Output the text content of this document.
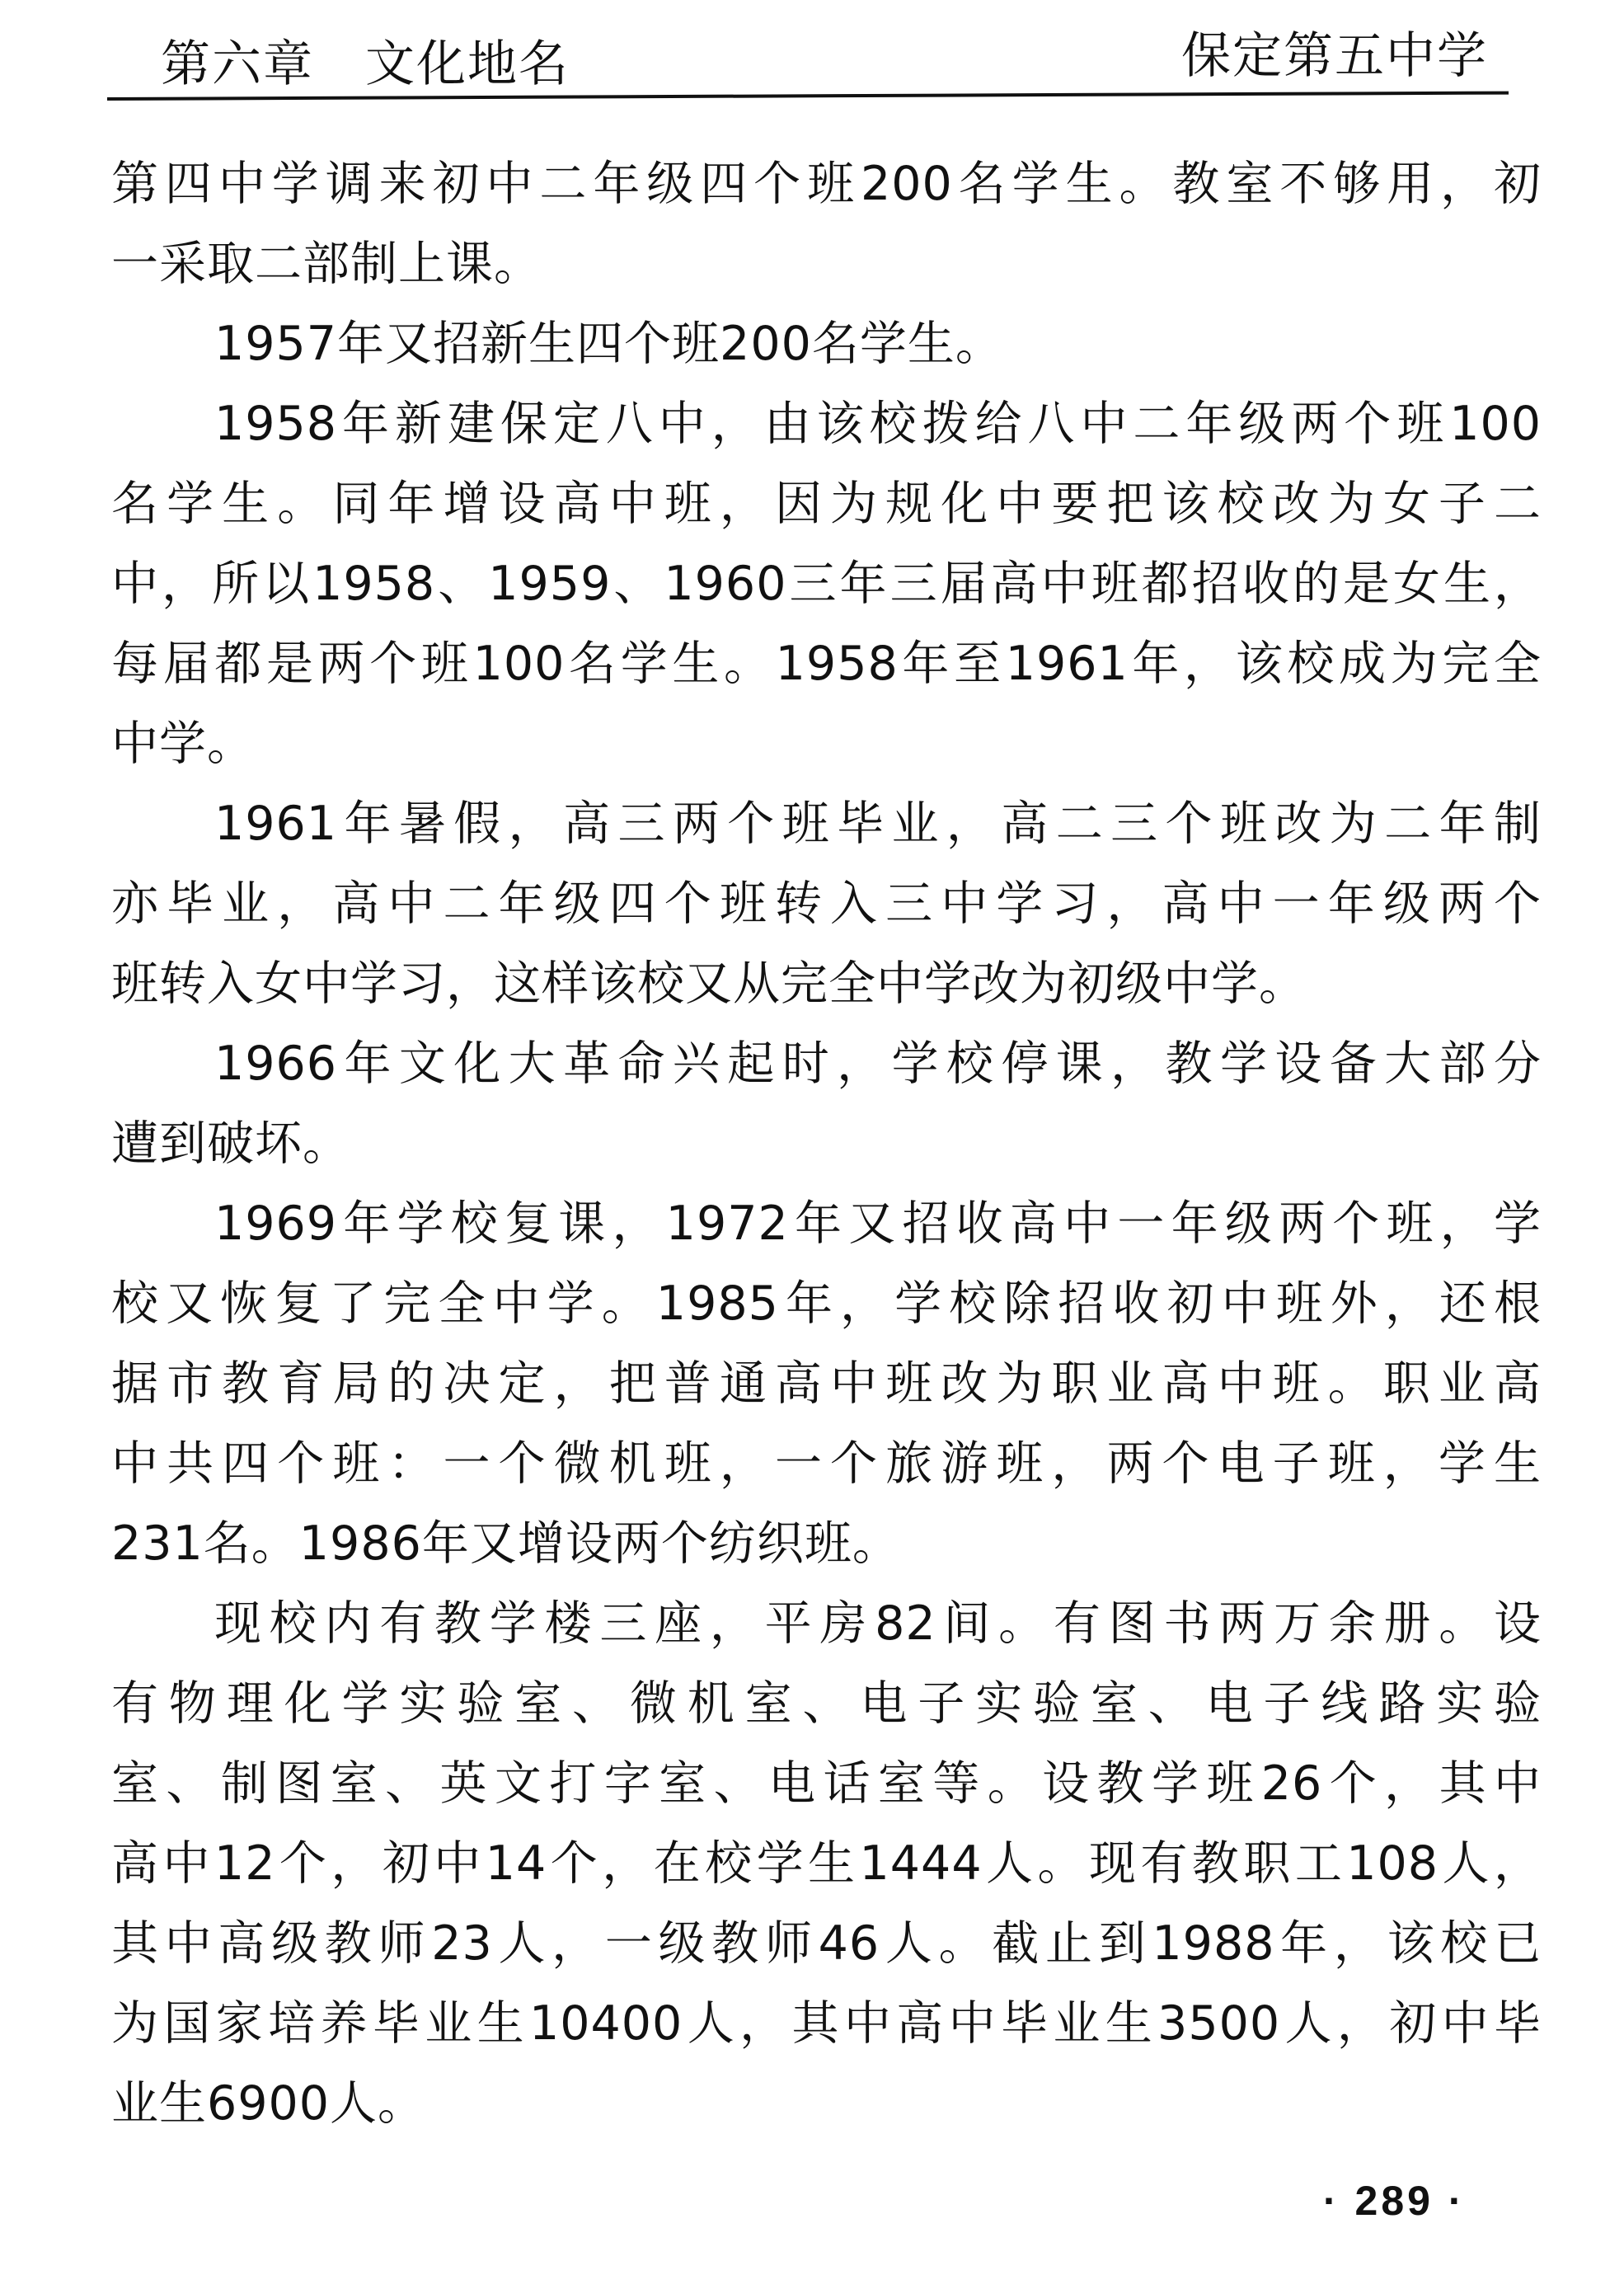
第六章　文化地名	保定第五中学
第四中学调来初中二年级四个班200名学生。教室不够用，初
一采取二部制上课。
1957年又招新生四个班200名学生。
1958年新建保定八中，由该校拨给八中二年级两个班100
名学生。同年增设高中班，因为规化中要把该校改为女子二
中，所以1958、1959、1960三年三届高中班都招收的是女生，
每届都是两个班100名学生。1958年至1961年，该校成为完全
中学。
1961年暑假，高三两个班毕业，高二三个班改为二年制
亦毕业，高中二年级四个班转入三中学习，高中一年级两个
班转入女中学习，这样该校又从完全中学改为初级中学。
1966年文化大革命兴起时，学校停课，教学设备大部分
遭到破坏。
1969年学校复课，1972年又招收高中一年级两个班，学
校又恢复了完全中学。1985年，学校除招收初中班外，还根
据市教育局的决定，把普通高中班改为职业高中班。职业高
中共四个班：一个微机班，一个旅游班，两个电子班，学生
231名。1986年又增设两个纺织班。
现校内有教学楼三座，平房82间。有图书两万余册。设
有物理化学实验室、微机室、电子实验室、电子线路实验
室、制图室、英文打字室、电话室等。设教学班26个，其中
高中12个，初中14个，在校学生1444人。现有教职工108人，
其中高级教师23人，一级教师46人。截止到1988年，该校已
为国家培养毕业生10400人，其中高中毕业生3500人，初中毕
业生6900人。
· 289 ·
